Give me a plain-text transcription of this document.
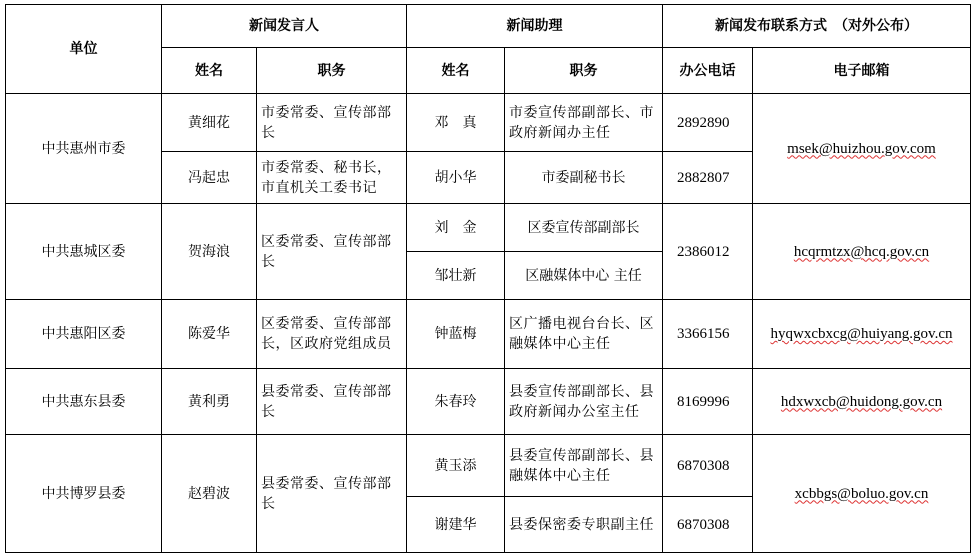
单位	新闻发言人		新闻助理		新闻发布联系方式　（对外公布）	
	姓名	职务	姓名	职务	办公电话	电子邮箱
中共惠州市委	黄细花	市委常委、宣传部部长	邓　真	市委宣传部副部长、市政府新闻办主任	2892890	msek@huizhou.gov.com
	冯起忠	市委常委、秘书长，市直机关工委书记	胡小华	市委副秘书长	2882807	
中共惠城区委	贺海浪	区委常委、宣传部部长	刘　金	区委宣传部副部长	2386012	hcqrmtzx@hcq.gov.cn
			邹壮新	区融媒体中心 主任		
中共惠阳区委	陈爱华	区委常委、宣传部部长，区政府党组成员	钟蓝梅	区广播电视台台长、区融媒体中心主任	3366156	hyqwxcbxcg@huiyang.gov.cn
中共惠东县委	黄利勇	县委常委、宣传部部长	朱春玲	县委宣传部副部长、县政府新闻办公室主任	8169996	hdxwxcb@huidong.gov.cn
中共博罗县委	赵碧波	县委常委、宣传部部长	黄玉添	县委宣传部副部长、县融媒体中心主任	6870308	xcbbgs@boluo.gov.cn
			谢建华	县委保密委专职副主任	6870308	
